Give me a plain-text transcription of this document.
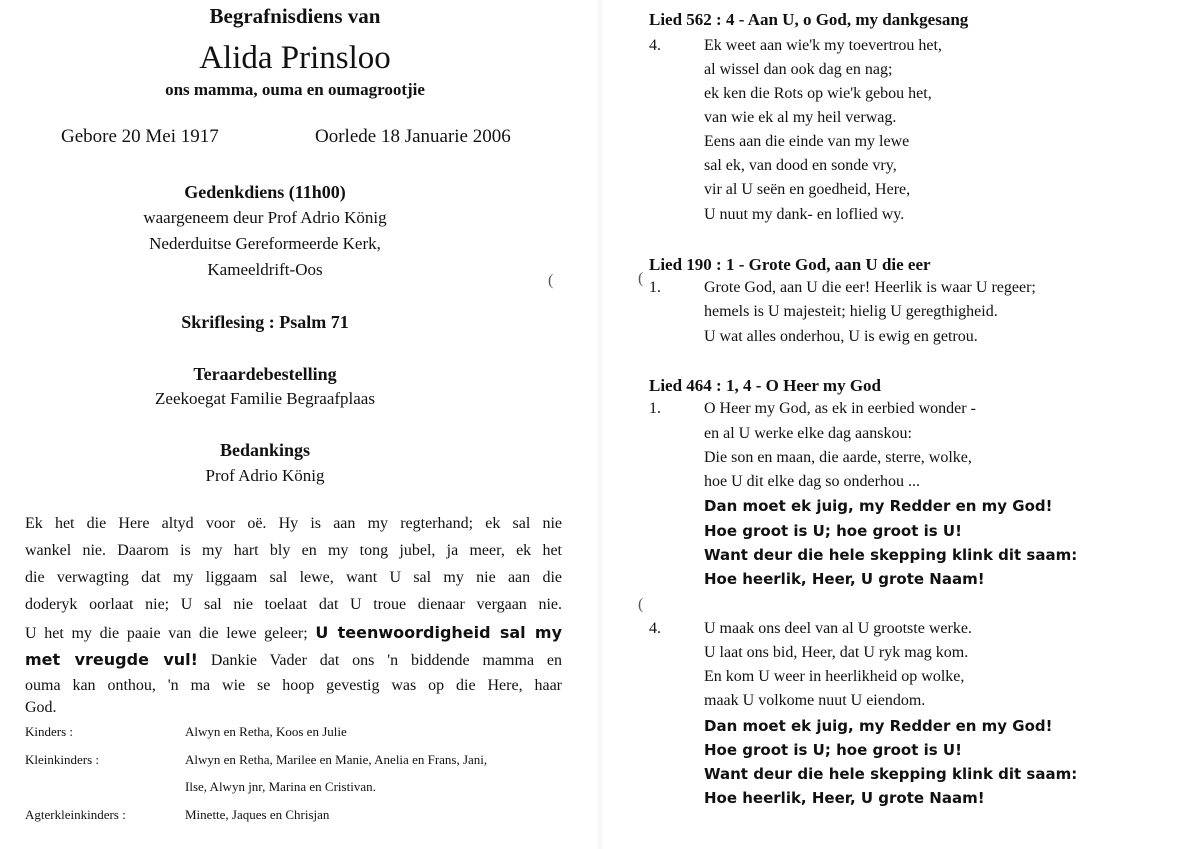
Begrafnisdiens van
Alida Prinsloo
ons mamma, ouma en oumagrootjie
Gebore 20 Mei 1917	Oorlede 18 Januarie 2006
Gedenkdiens (11h00)
waargeneem deur Prof Adrio König
Nederduitse Gereformeerde Kerk,
Kameeldrift-Oos
Skriflesing : Psalm 71
Teraardebestelling
Zeekoegat Familie Begraafplaas
Bedankings
Prof Adrio König
Ek het die Here altyd voor oë. Hy is aan my regterhand; ek sal nie
wankel nie. Daarom is my hart bly en my tong jubel, ja meer, ek het
die verwagting dat my liggaam sal lewe, want U sal my nie aan die
doderyk oorlaat nie; U sal nie toelaat dat U troue dienaar vergaan nie.
U het my die paaie van die lewe geleer; U teenwoordigheid sal my
met vreugde vul! Dankie Vader dat ons 'n biddende mamma en
ouma kan onthou, 'n ma wie se hoop gevestig was op die Here, haar
God.
Kinders :	Alwyn en Retha, Koos en Julie
Kleinkinders :	Alwyn en Retha, Marilee en Manie, Anelia en Frans, Jani,
Ilse, Alwyn jnr, Marina en Cristivan.
Agterkleinkinders :	Minette, Jaques en Chrisjan
(
Lied 562 : 4 - Aan U, o God, my dankgesang
4.	Ek weet aan wie'k my toevertrou het,
al wissel dan ook dag en nag;
ek ken die Rots op wie'k gebou het,
van wie ek al my heil verwag.
Eens aan die einde van my lewe
sal ek, van dood en sonde vry,
vir al U seën en goedheid, Here,
U nuut my dank- en loflied wy.
Lied 190 : 1 - Grote God, aan U die eer
1.	Grote God, aan U die eer! Heerlik is waar U regeer;
hemels is U majesteit; hielig U geregthigheid.
U wat alles onderhou, U is ewig en getrou.
Lied 464 : 1, 4 - O Heer my God
1.	O Heer my God, as ek in eerbied wonder -
en al U werke elke dag aanskou:
Die son en maan, die aarde, sterre, wolke,
hoe U dit elke dag so onderhou ...
Dan moet ek juig, my Redder en my God!
Hoe groot is U; hoe groot is U!
Want deur die hele skepping klink dit saam:
Hoe heerlik, Heer, U grote Naam!
4.	U maak ons deel van al U grootste werke.
U laat ons bid, Heer, dat U ryk mag kom.
En kom U weer in heerlikheid op wolke,
maak U volkome nuut U eiendom.
Dan moet ek juig, my Redder en my God!
Hoe groot is U; hoe groot is U!
Want deur die hele skepping klink dit saam:
Hoe heerlik, Heer, U grote Naam!
(
(
